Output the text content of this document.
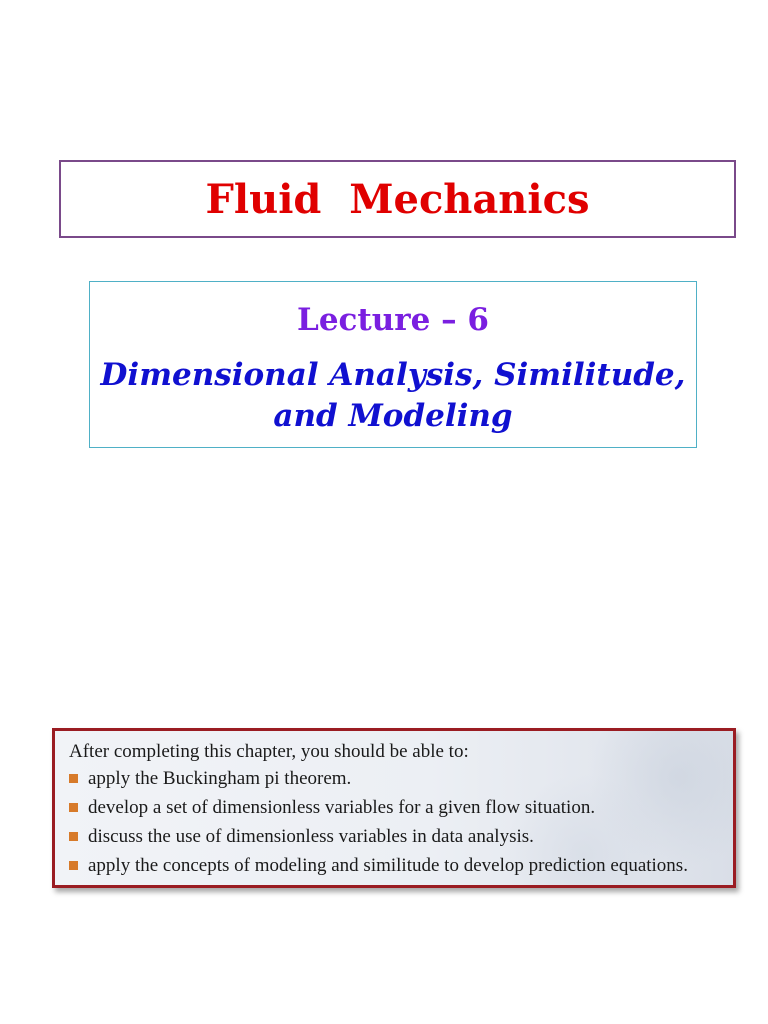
Fluid  Mechanics
Lecture – 6
Dimensional Analysis, Similitude,
and Modeling

After completing this chapter, you should be able to:

apply the Buckingham pi theorem.
develop a set of dimensionless variables for a given flow situation.
discuss the use of dimensionless variables in data analysis.
apply the concepts of modeling and similitude to develop prediction equations.
